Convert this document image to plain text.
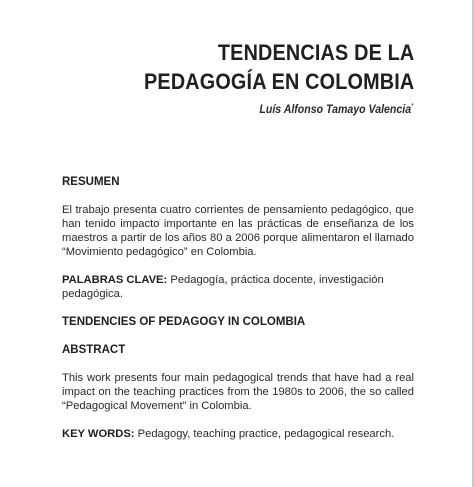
TENDENCIAS DE LA
PEDAGOGÍA EN COLOMBIA
Luís Alfonso Tamayo Valencia*
RESUMEN
El trabajo presenta cuatro corrientes de pensamiento pedagógico, que han tenido impacto importante en las prácticas de enseñanza de los maestros a partir de los años 80 a 2006 porque alimentaron el llamado “Movimiento pedagógico” en Colombia.
PALABRAS CLAVE: Pedagogía, práctica docente, investigación pedagógica.
TENDENCIES OF PEDAGOGY IN COLOMBIA
ABSTRACT
This work presents four main pedagogical trends that have had a real impact on the teaching practices from the 1980s to 2006, the so called “Pedagogical Movement” in Colombia.
KEY WORDS: Pedagogy, teaching practice, pedagogical research.
